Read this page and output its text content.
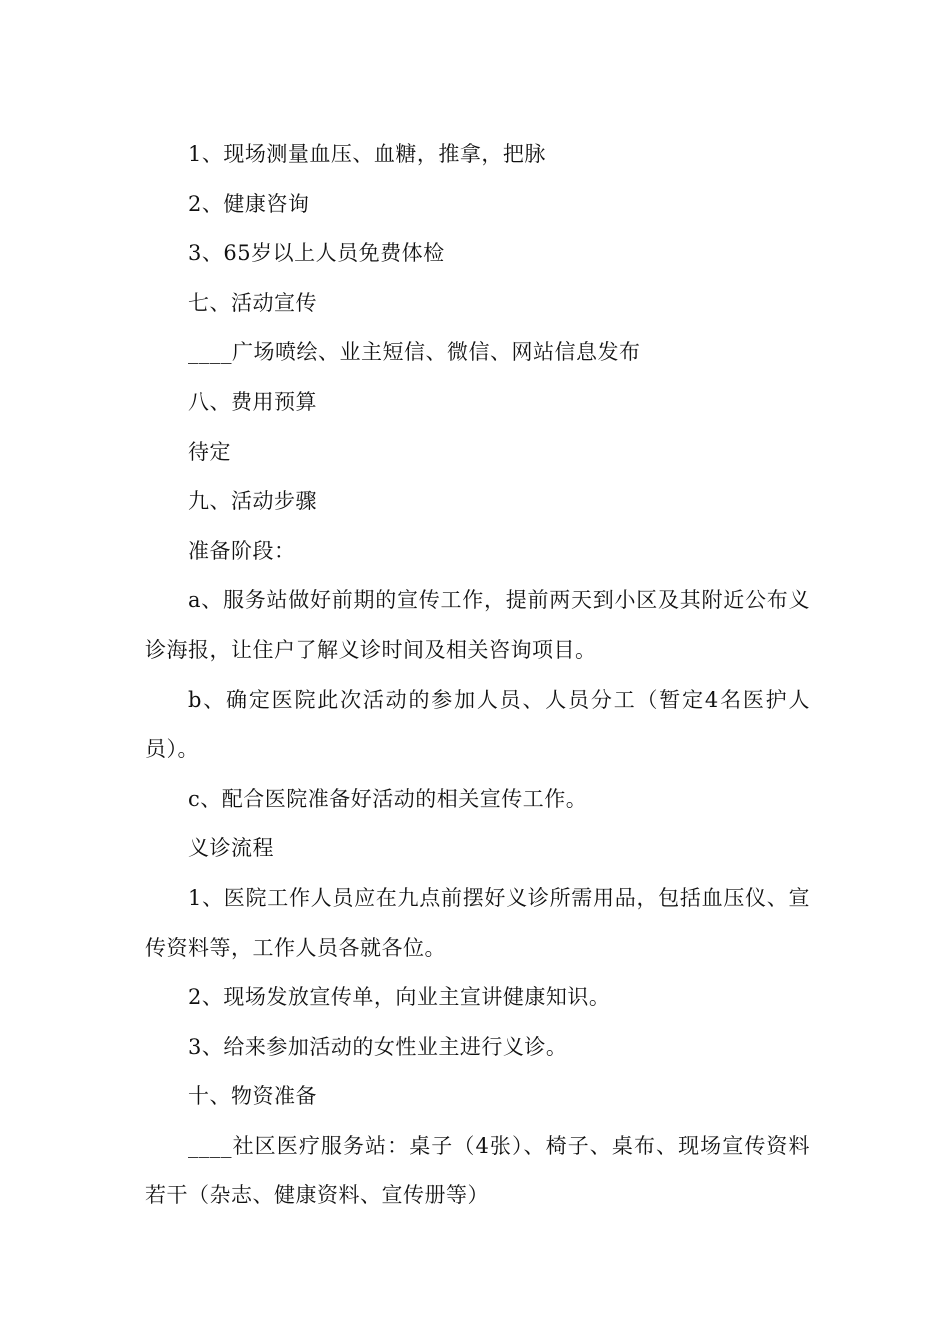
1、现场测量血压、血糖，推拿，把脉

2、健康咨询

3、65岁以上人员免费体检

七、活动宣传

____广场喷绘、业主短信、微信、网站信息发布

八、费用预算

待定

九、活动步骤

准备阶段：

a、服务站做好前期的宣传工作，提前两天到小区及其附近公布义诊海报，让住户了解义诊时间及相关咨询项目。

b、确定医院此次活动的参加人员、人员分工（暂定4名医护人员）。

c、配合医院准备好活动的相关宣传工作。

义诊流程

1、医院工作人员应在九点前摆好义诊所需用品，包括血压仪、宣传资料等，工作人员各就各位。

2、现场发放宣传单，向业主宣讲健康知识。

3、给来参加活动的女性业主进行义诊。

十、物资准备

____社区医疗服务站：桌子（4张）、椅子、桌布、现场宣传资料若干（杂志、健康资料、宣传册等）
